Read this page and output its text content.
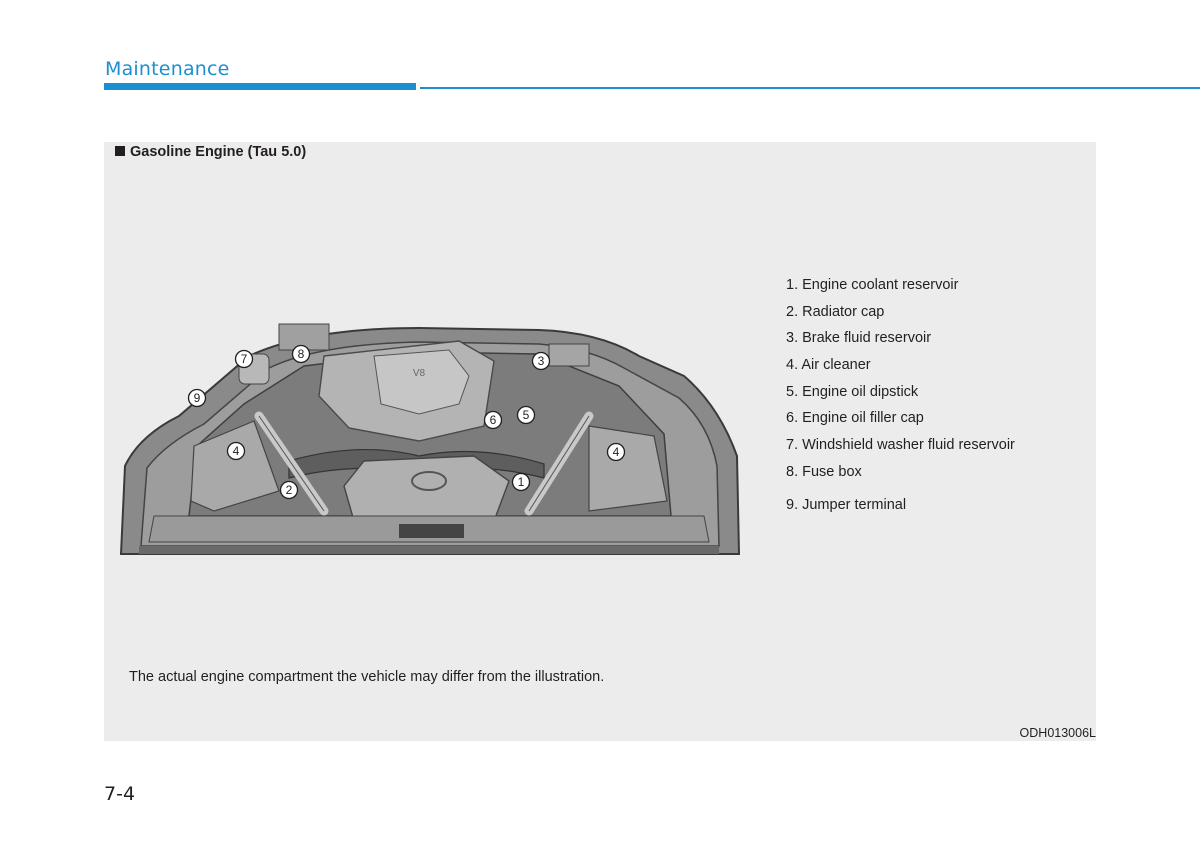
Maintenance
Gasoline Engine (Tau 5.0)
V8
1
2
3
4	4
5
6
7	8
9
1. Engine coolant reservoir
2. Radiator cap
3. Brake fluid reservoir
4. Air cleaner
5. Engine oil dipstick
6. Engine oil filler cap
7. Windshield washer fluid reservoir
8. Fuse box
9. Jumper terminal
The actual engine compartment the vehicle may differ from the illustration.
ODH013006L
7-4
